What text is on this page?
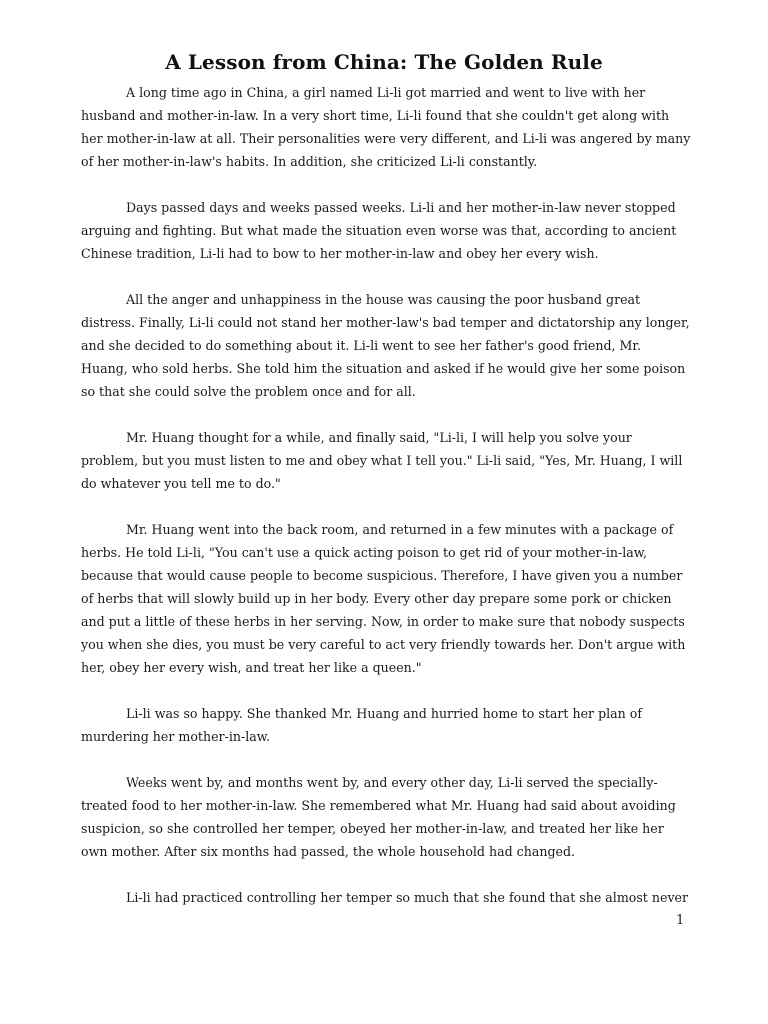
A Lesson from China: The Golden Rule

A long time ago in China, a girl named Li-li got married and went to live with her husband and mother-in-law. In a very short time, Li-li found that she couldn't get along with her mother-in-law at all. Their personalities were very different, and Li-li was angered by many of her mother-in-law's habits. In addition, she criticized Li-li constantly.

Days passed days and weeks passed weeks. Li-li and her mother-in-law never stopped arguing and fighting. But what made the situation even worse was that, according to ancient Chinese tradition, Li-li had to bow to her mother-in-law and obey her every wish.

All the anger and unhappiness in the house was causing the poor husband great distress. Finally, Li-li could not stand her mother-law's bad temper and dictatorship any longer, and she decided to do something about it. Li-li went to see her father's good friend, Mr. Huang, who sold herbs. She told him the situation and asked if he would give her some poison so that she could solve the problem once and for all.

Mr. Huang thought for a while, and finally said, "Li-li, I will help you solve your problem, but you must listen to me and obey what I tell you." Li-li said, "Yes, Mr. Huang, I will do whatever you tell me to do."

Mr. Huang went into the back room, and returned in a few minutes with a package of herbs. He told Li-li, "You can't use a quick acting poison to get rid of your mother-in-law, because that would cause people to become suspicious. Therefore, I have given you a number of herbs that will slowly build up in her body. Every other day prepare some pork or chicken and put a little of these herbs in her serving. Now, in order to make sure that nobody suspects you when she dies, you must be very careful to act very friendly towards her. Don't argue with her, obey her every wish, and treat her like a queen."

Li-li was so happy. She thanked Mr. Huang and hurried home to start her plan of murdering her mother-in-law.

Weeks went by, and months went by, and every other day, Li-li served the specially-treated food to her mother-in-law. She remembered what Mr. Huang had said about avoiding suspicion, so she controlled her temper, obeyed her mother-in-law, and treated her like her own mother. After six months had passed, the whole household had changed.

Li-li had practiced controlling her temper so much that she found that she almost never

1
